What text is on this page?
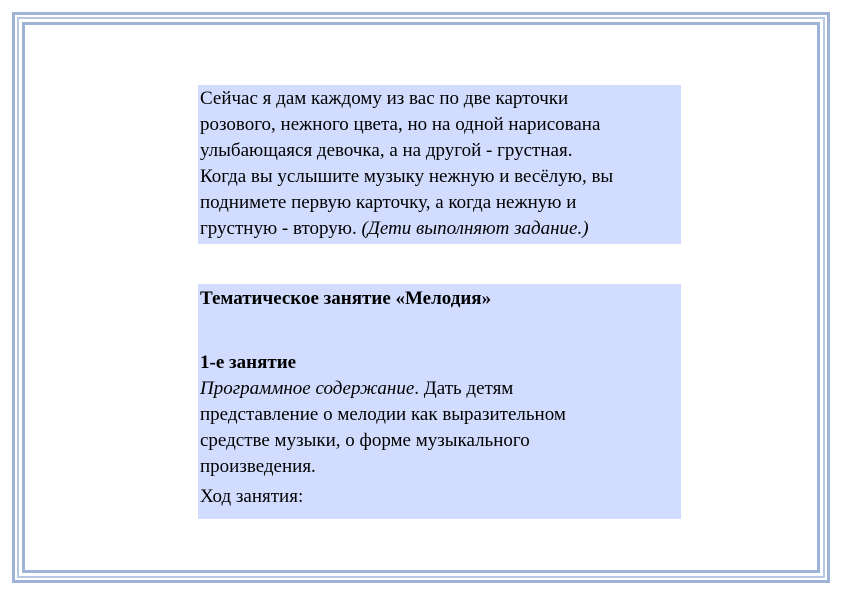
Сейчас я дам каждому из вас по две карточки
розового, нежного цвета, но на одной нарисована
улыбающаяся девочка, а на другой - грустная.
Когда вы услышите музыку нежную и весёлую, вы
поднимете первую карточку, а когда нежную и
грустную - вторую. (Дети выполняют задание.)
Тематическое занятие «Мелодия»
1-е занятие
Программное содержание. Дать детям
представление о мелодии как выразительном
средстве музыки, о форме музыкального
произведения.
Ход занятия:
